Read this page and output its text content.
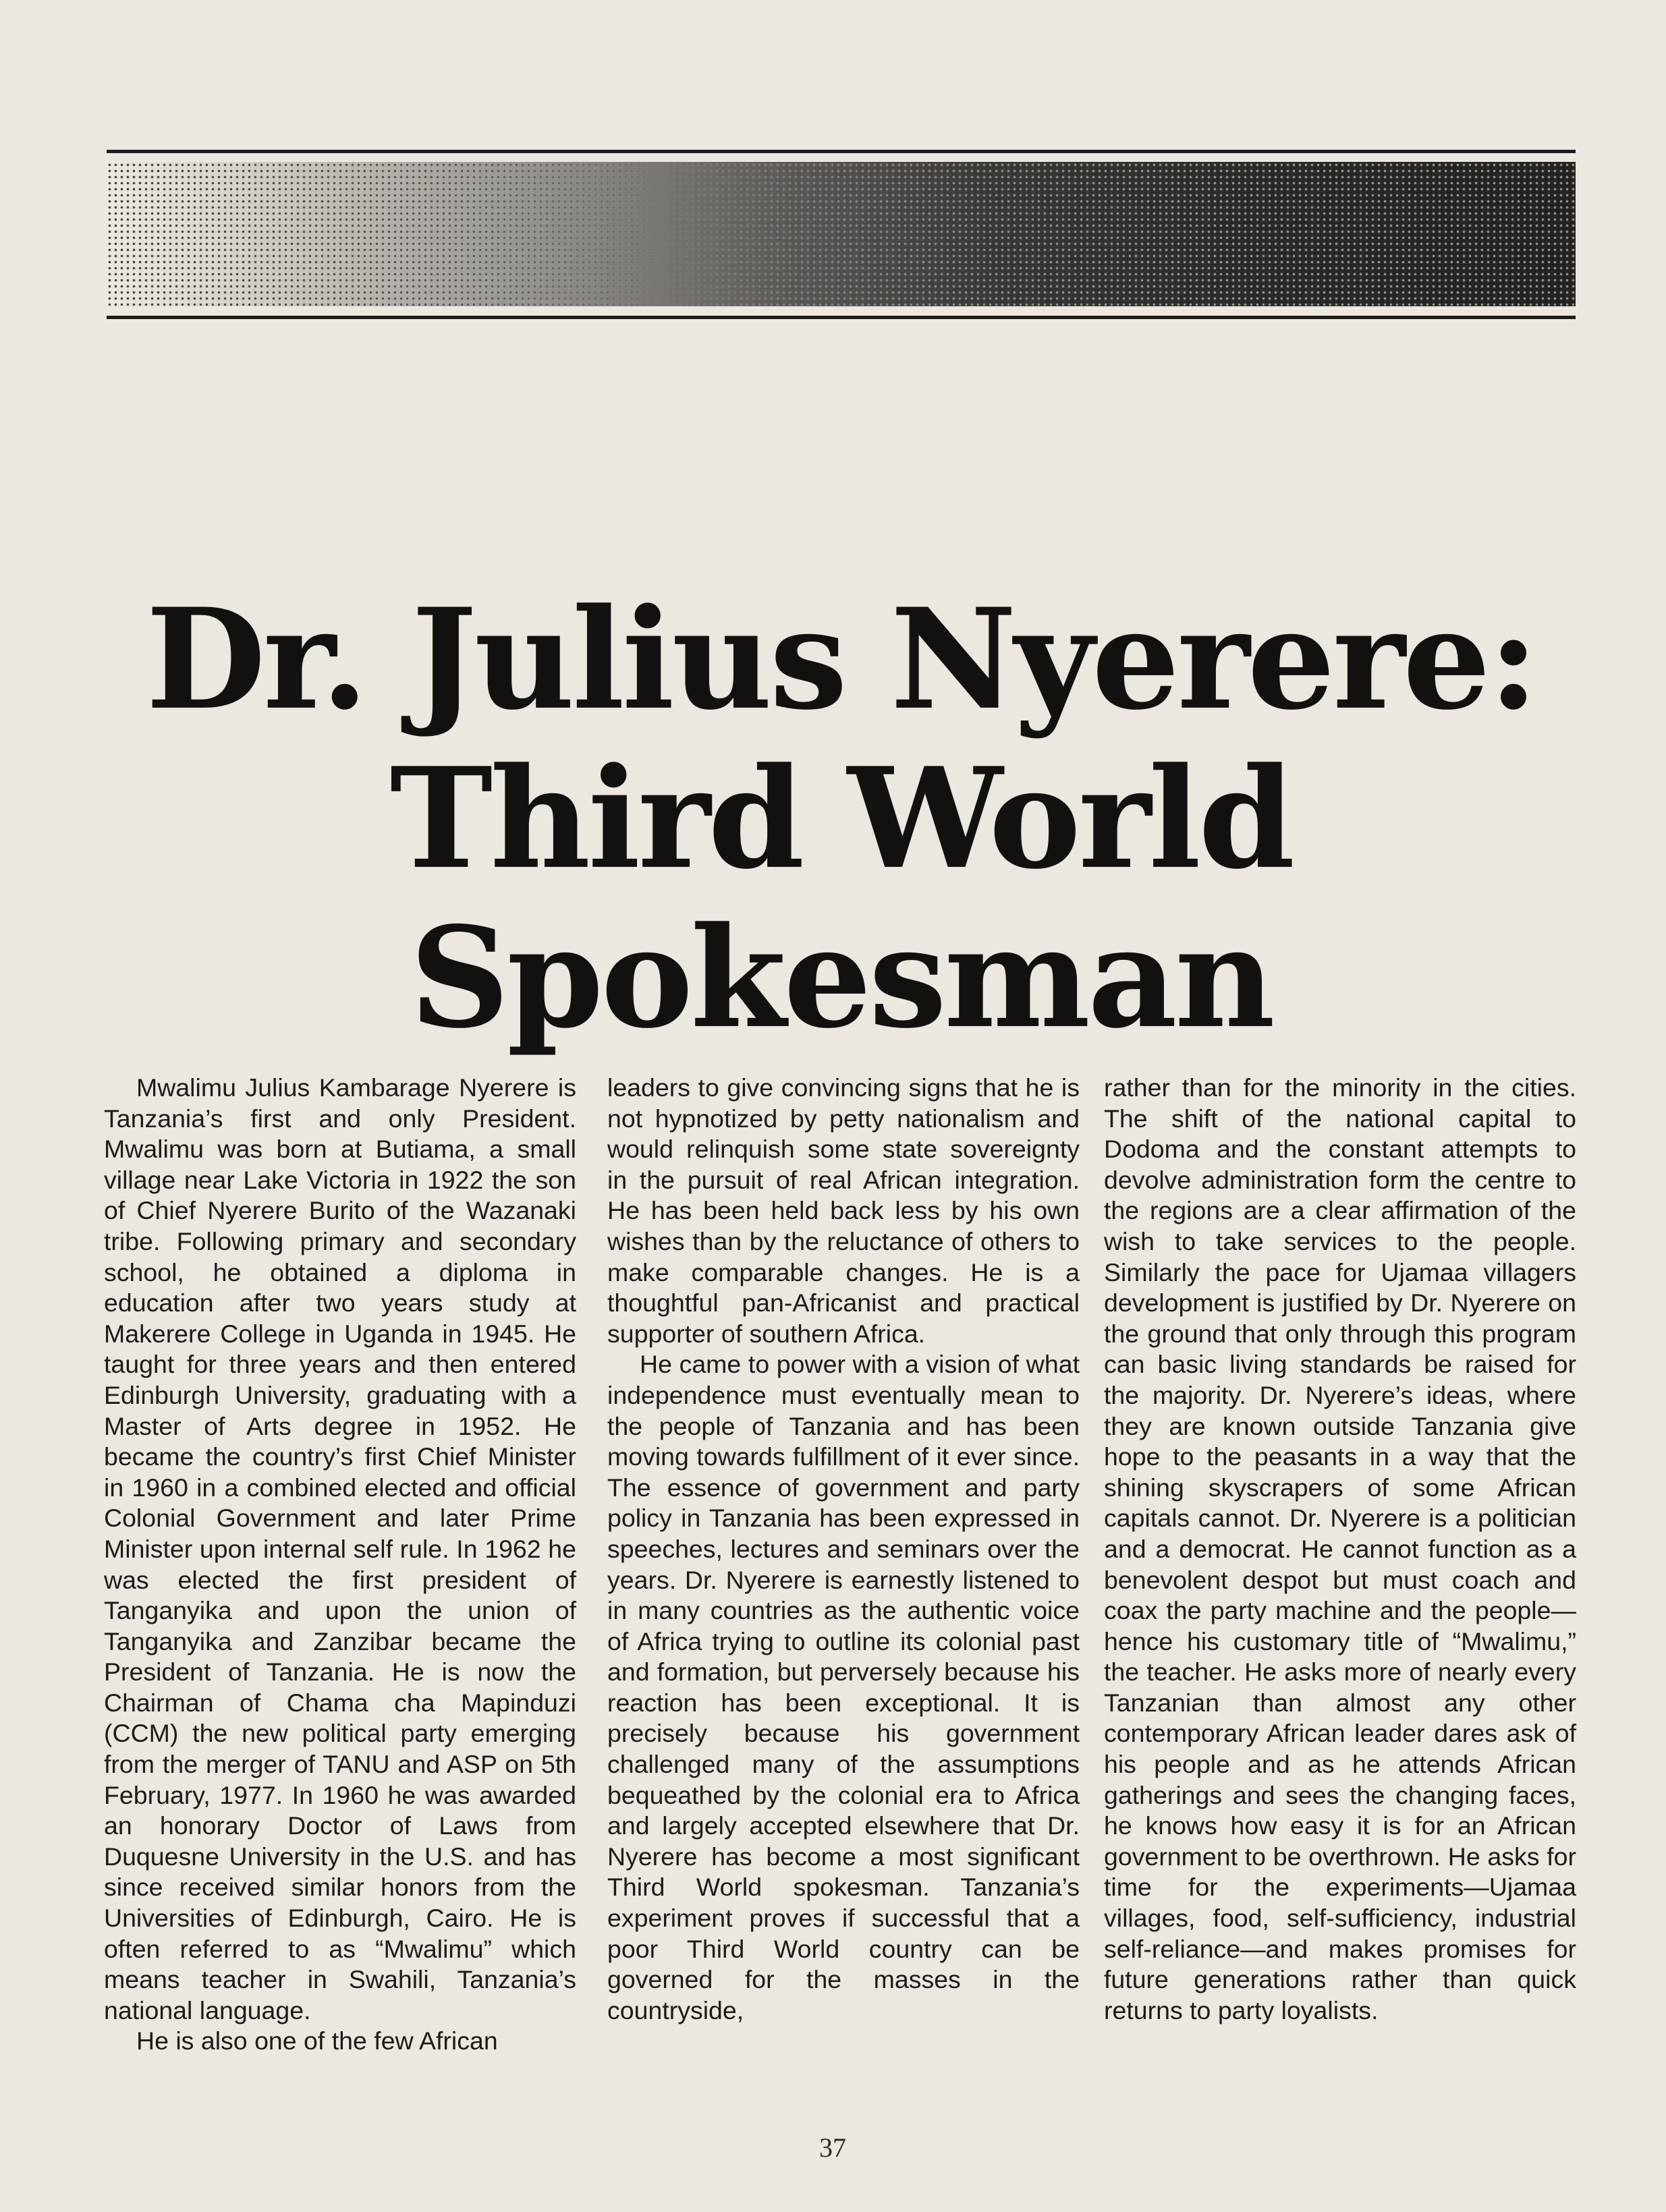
Dr. Julius Nyerere:
Third World
Spokesman

Mwalimu Julius Kambarage Nyerere is Tanzania’s first and only President. Mwalimu was born at Butiama, a small village near Lake Victoria in 1922 the son of Chief Nyerere Burito of the Wazanaki tribe. Following primary and secondary school, he obtained a diploma in education after two years study at Makerere College in Uganda in 1945. He taught for three years and then entered Edinburgh University, graduating with a Master of Arts degree in 1952. He became the country’s first Chief Minister in 1960 in a combined elected and official Colonial Government and later Prime Minister upon internal self rule. In 1962 he was elected the first president of Tanganyika and upon the union of Tanganyika and Zanzibar became the President of Tanzania. He is now the Chairman of Chama cha Mapinduzi (CCM) the new political party emerging from the merger of TANU and ASP on 5th February, 1977. In 1960 he was awarded an honorary Doctor of Laws from Duquesne University in the U.S. and has since received similar honors from the Universities of Edinburgh, Cairo. He is often referred to as “Mwalimu” which means teacher in Swahili, Tanzania’s national language.

He is also one of the few African

leaders to give convincing signs that he is not hypnotized by petty nationalism and would relinquish some state sovereignty in the pursuit of real African integration. He has been held back less by his own wishes than by the reluctance of others to make comparable changes. He is a thoughtful pan-Africanist and practical supporter of southern Africa.

He came to power with a vision of what independence must eventually mean to the people of Tanzania and has been moving towards fulfillment of it ever since. The essence of government and party policy in Tanzania has been expressed in speeches, lectures and seminars over the years. Dr. Nyerere is earnestly listened to in many countries as the authentic voice of Africa trying to outline its colonial past and formation, but perversely because his reaction has been exceptional. It is precisely because his government challenged many of the assumptions bequeathed by the colonial era to Africa and largely accepted elsewhere that Dr. Nyerere has become a most significant Third World spokesman. Tanzania’s experiment proves if successful that a poor Third World country can be governed for the masses in the countryside,

rather than for the minority in the cities. The shift of the national capital to Dodoma and the constant attempts to devolve administration form the centre to the regions are a clear affirmation of the wish to take services to the people. Similarly the pace for Ujamaa villagers development is justified by Dr. Nyerere on the ground that only through this program can basic living standards be raised for the majority. Dr. Nyerere’s ideas, where they are known outside Tanzania give hope to the peasants in a way that the shining skyscrapers of some African capitals cannot. Dr. Nyerere is a politician and a democrat. He cannot function as a benevolent despot but must coach and coax the party machine and the people—hence his customary title of “Mwalimu,” the teacher. He asks more of nearly every Tanzanian than almost any other contemporary African leader dares ask of his people and as he attends African gatherings and sees the changing faces, he knows how easy it is for an African government to be overthrown. He asks for time for the experiments—Ujamaa villages, food, self-sufficiency, industrial self-reliance—and makes promises for future generations rather than quick returns to party loyalists.

37
